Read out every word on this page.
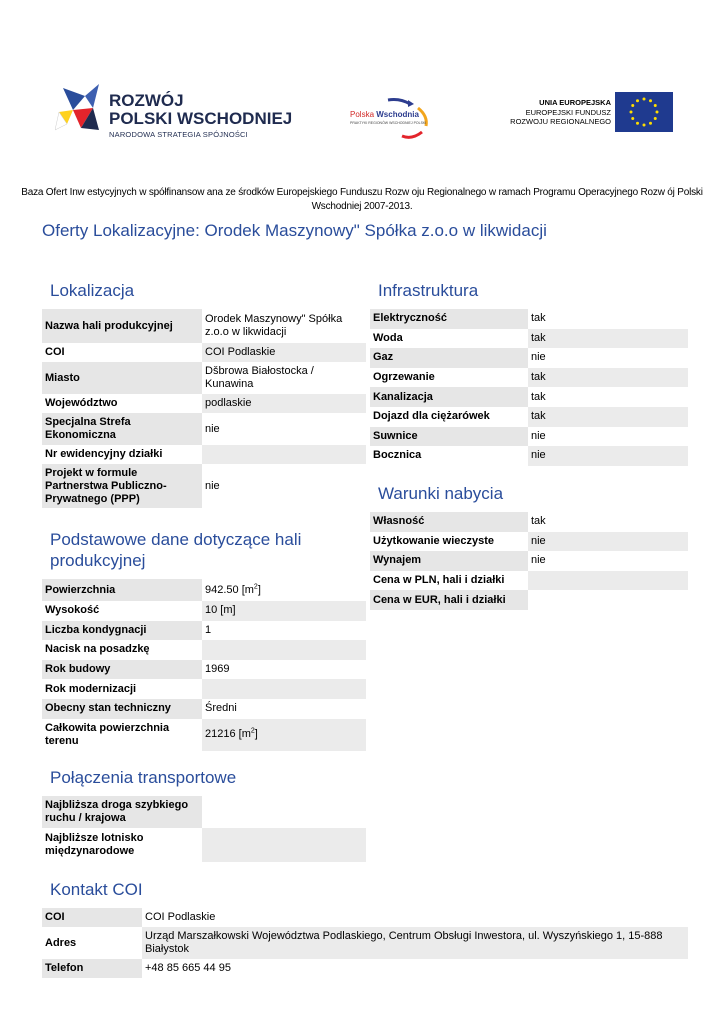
ROZWÓJ
POLSKI WSCHODNIEJ
NARODOWA STRATEGIA SPÓJNOŚCI
Polska Wschodnia
PRAKTYKI REGIONÓW WSCHODNIEJ POLSKI
UNIA EUROPEJSKA
EUROPEJSKI FUNDUSZ
ROZWOJU REGIONALNEGO
Baza Ofert Inw estycyjnych w spółfinansow ana ze środków Europejskiego Funduszu Rozw oju Regionalnego w ramach Programu Operacyjnego Rozw ój Polski Wschodniej 2007-2013.
Oferty Lokalizacyjne: Orodek Maszynowy" Spółka z.o.o w likwidacji
Lokalizacja
Nazwa hali produkcyjnej	Orodek Maszynowy" Spółka z.o.o w likwidacji
COI	COI Podlaskie
Miasto	Dšbrowa Białostocka / Kunawina
Województwo	podlaskie
Specjalna Strefa Ekonomiczna	nie
Nr ewidencyjny działki	
Projekt w formule Partnerstwa Publiczno-Prywatnego (PPP)	nie
Podstawowe dane dotyczące hali produkcyjnej
Powierzchnia	942.50 $[m^2]$
Wysokość	10 [m]
Liczba kondygnacji	1
Nacisk na posadzkę	
Rok budowy	1969
Rok modernizacji	
Obecny stan techniczny	Średni
Całkowita powierzchnia terenu	21216 $[m^2]$
Połączenia transportowe
Najbliższa droga szybkiego ruchu / krajowa	
Najbliższe lotnisko międzynarodowe	
Infrastruktura
Elektryczność	tak
Woda	tak
Gaz	nie
Ogrzewanie	tak
Kanalizacja	tak
Dojazd dla ciężarówek	tak
Suwnice	nie
Bocznica	nie
Warunki nabycia
Własność	tak
Użytkowanie wieczyste	nie
Wynajem	nie
Cena w PLN, hali i działki	
Cena w EUR, hali i działki	
Kontakt COI
COI	COI Podlaskie
Adres	Urząd Marszałkowski Województwa Podlaskiego, Centrum Obsługi Inwestora, ul. Wyszyńskiego 1, 15-888 Białystok
Telefon	+48 85 665 44 95
